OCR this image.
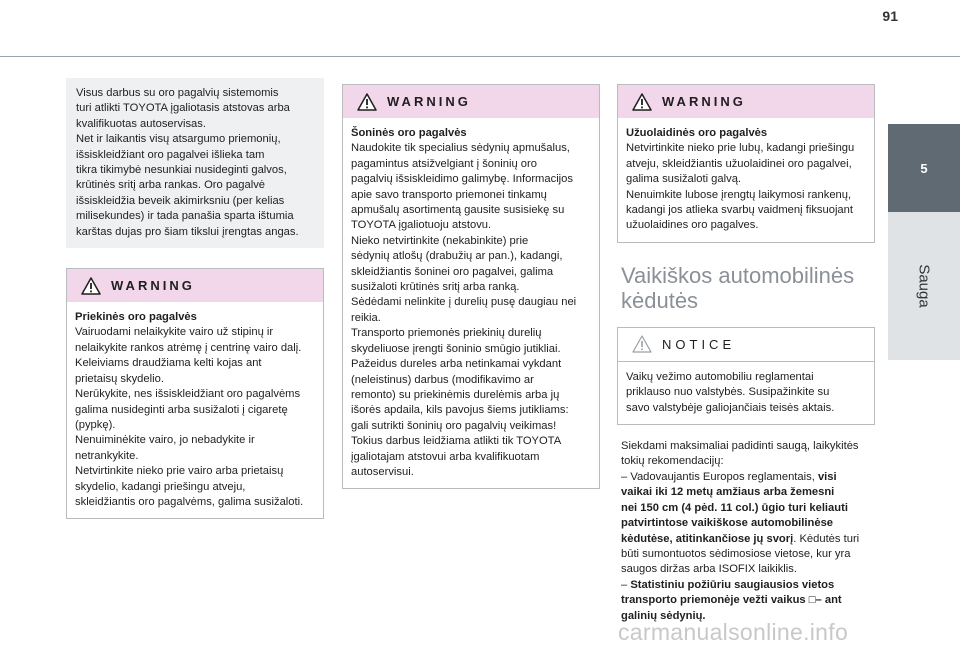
91
5
Sauga
Visus darbus su oro pagalvių sistemomis
turi atlikti TOYOTA įgaliotasis atstovas arba
kvalifikuotas autoservisas.
Net ir laikantis visų atsargumo priemonių,
išsiskleidžiant oro pagalvei išlieka tam
tikra tikimybė nesunkiai nusideginti galvos,
krūtinės sritį arba rankas. Oro pagalvė
išsiskleidžia beveik akimirksniu (per kelias
milisekundes) ir tada panašia sparta ištumia
karštas dujas pro šiam tikslui įrengtas angas.
WARNING
Priekinės oro pagalvės
Vairuodami nelaikykite vairo už stipinų ir
nelaikykite rankos atrėmę į centrinę vairo dalį.
Keleiviams draudžiama kelti kojas ant
prietaisų skydelio.
Nerūkykite, nes išsiskleidžiant oro pagalvėms
galima nusideginti arba susižaloti į cigaretę
(pypkę).
Nenuiminėkite vairo, jo nebadykite ir
netrankykite.
Netvirtinkite nieko prie vairo arba prietaisų
skydelio, kadangi priešingu atveju,
skleidžiantis oro pagalvėms, galima susižaloti.
WARNING
Šoninės oro pagalvės
Naudokite tik specialius sėdynių apmušalus,
pagamintus atsižvelgiant į šoninių oro
pagalvių išsiskleidimo galimybę. Informacijos
apie savo transporto priemonei tinkamų
apmušalų asortimentą gausite susisiekę su
TOYOTA įgaliotuoju atstovu.
Nieko netvirtinkite (nekabinkite) prie
sėdynių atlošų (drabužių ar pan.), kadangi,
skleidžiantis šoninei oro pagalvei, galima
susižaloti krūtinės sritį arba ranką.
Sėdėdami nelinkite į durelių pusę daugiau nei
reikia.
Transporto priemonės priekinių durelių
skydeliuose įrengti šoninio smūgio jutikliai.
Pažeidus dureles arba netinkamai vykdant
(neleistinus) darbus (modifikavimo ar
remonto) su priekinėmis durelėmis arba jų
išorės apdaila, kils pavojus šiems jutikliams:
gali sutrikti šoninių oro pagalvių veikimas!
Tokius darbus leidžiama atlikti tik TOYOTA
įgaliotajam atstovui arba kvalifikuotam
autoservisui.
WARNING
Užuolaidinės oro pagalvės
Netvirtinkite nieko prie lubų, kadangi priešingu
atveju, skleidžiantis užuolaidinei oro pagalvei,
galima susižaloti galvą.
Nenuimkite lubose įrengtų laikymosi rankenų,
kadangi jos atlieka svarbų vaidmenį fiksuojant
užuolaidines oro pagalves.
Vaikiškos automobilinės
kėdutės
NOTICE
Vaikų vežimo automobiliu reglamentai
priklauso nuo valstybės. Susipažinkite su
savo valstybėje galiojančiais teisės aktais.
Siekdami maksimaliai padidinti saugą, laikykitės
tokių rekomendacijų:
– Vadovaujantis Europos reglamentais, visi
vaikai iki 12 metų amžiaus arba žemesni
nei 150 cm (4 pėd. 11 col.) ūgio turi keliauti
patvirtintose vaikiškose automobilinėse
kėdutėse, atitinkančiose jų svorį. Kėdutės turi
būti sumontuotos sėdimosiose vietose, kur yra
saugos diržas arba ISOFIX laikiklis.
– Statistiniu požiūriu saugiausios vietos
transporto priemonėje vežti vaikus □– ant
galinių sėdynių.
carmanualsonline.info
